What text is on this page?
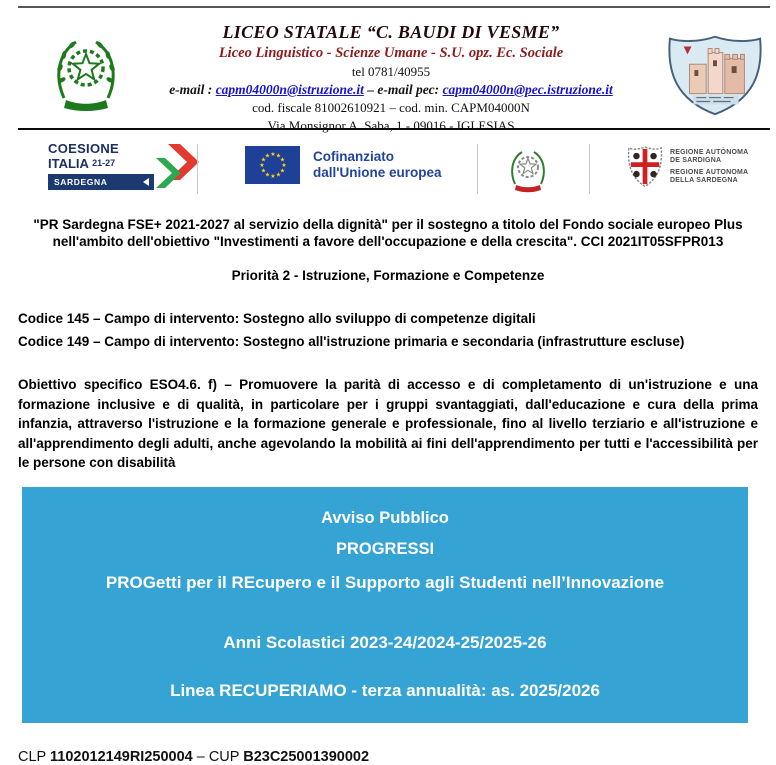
LICEO STATALE “C. BAUDI DI VESME”
Liceo Linguistico - Scienze Umane - S.U. opz. Ec. Sociale
tel 0781/40955
e-mail : capm04000n@istruzione.it – e-mail pec: capm04000n@pec.istruzione.it
cod. fiscale 81002610921 – cod. min. CAPM04000N
Via Monsignor A. Saba, 1 - 09016 - IGLESIAS
COESIONE
ITALIA 21-27
SARDEGNA
★ ★
★
★
★
★
★
★
★
★
★
★	Cofinanziato
dall'Unione europea
REGIONE AUTÒNOMA
DE SARDIGNA
REGIONE AUTONOMA
DELLA SARDEGNA
"PR Sardegna FSE+ 2021-2027 al servizio della dignità" per il sostegno a titolo del Fondo sociale europeo Plus nell'ambito dell'obiettivo "Investimenti a favore dell'occupazione e della crescita". CCI 2021IT05SFPR013
Priorità 2 - Istruzione, Formazione e Competenze
Codice 145 – Campo di intervento: Sostegno allo sviluppo di competenze digitali
Codice 149 – Campo di intervento: Sostegno all'istruzione primaria e secondaria (infrastrutture escluse)
Obiettivo specifico ESO4.6. f) – Promuovere la parità di accesso e di completamento di un'istruzione e una formazione inclusive e di qualità, in particolare per i gruppi svantaggiati, dall'educazione e cura della prima infanzia, attraverso l'istruzione e la formazione generale e professionale, fino al livello terziario e all'istruzione e all'apprendimento degli adulti, anche agevolando la mobilità ai fini dell'apprendimento per tutti e l'accessibilità per le persone con disabilità
Avviso Pubblico
PROGRESSI
PROGetti per il REcupero e il Supporto agli Studenti nell’Innovazione
Anni Scolastici 2023-24/2024-25/2025-26
Linea RECUPERIAMO - terza annualità: as. 2025/2026
CLP 1102012149RI250004 – CUP B23C25001390002
